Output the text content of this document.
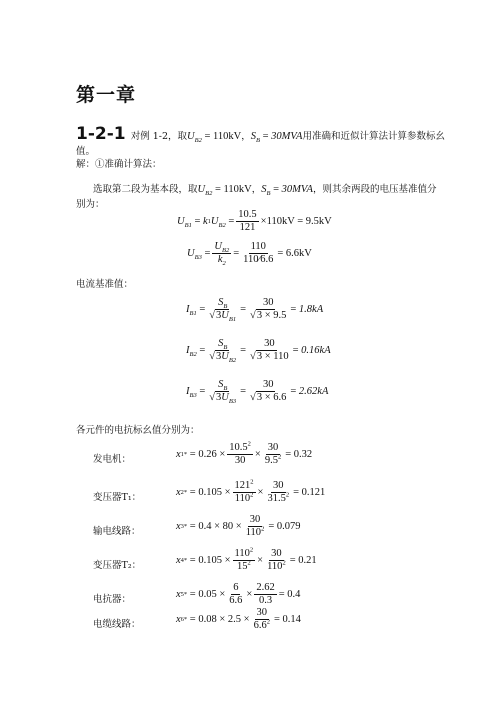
第一章
1-2-1 对例 1-2，取$U_{B2} = 110kV$，$S_B = 30MVA$用准确和近似计算法计算参数标幺
值。
解：①准确计算法：
选取第二段为基本段，取$U_{B2} = 110kV$，$S_B = 30MVA$，则其余两段的电压基准值分
别为：
$U_{B1} = k$ 1 $U_{B2} = \frac{10.5}{121} \times 110kV = 9.5kV$
$U_{B3} = \frac{U_{B2}}{k_2} = \frac{110}{110⁄6.6} = 6.6kV$
电流基准值：
$I_{B1} = \frac{S_B}{√3U_{B1}} = \frac{30}{√3 \times 9.5} = 1.8kA$
$I_{B2} = \frac{S_B}{√3U_{B2}} = \frac{30}{√3 \times 110} = 0.16kA$
$I_{B3} = \frac{S_B}{√3U_{B3}} = \frac{30}{√3 \times 6.6} = 2.62kA$
各元件的电抗标幺值分别为：
发电机：	x $1* = 0.26 \times \frac{10.5^2}{30} \times \frac{30}{9.5^2} = 0.32$
变压器T₁：	x $2* = 0.105 \times \frac{121^2}{110^2} \times \frac{30}{31.5^2} = 0.121$
输电线路：	x $3* = 0.4 \times 80 \times \frac{30}{110^2} = 0.079$
变压器T₂：	x $4* = 0.105 \times \frac{110^2}{15^2} \times \frac{30}{110^2} = 0.21$
电抗器：	x $5* = 0.05 \times \frac{6}{6.6} \times \frac{2.62}{0.3} = 0.4$
电缆线路：	x $6* = 0.08 \times 2.5 \times \frac{30}{6.6^2} = 0.14$
